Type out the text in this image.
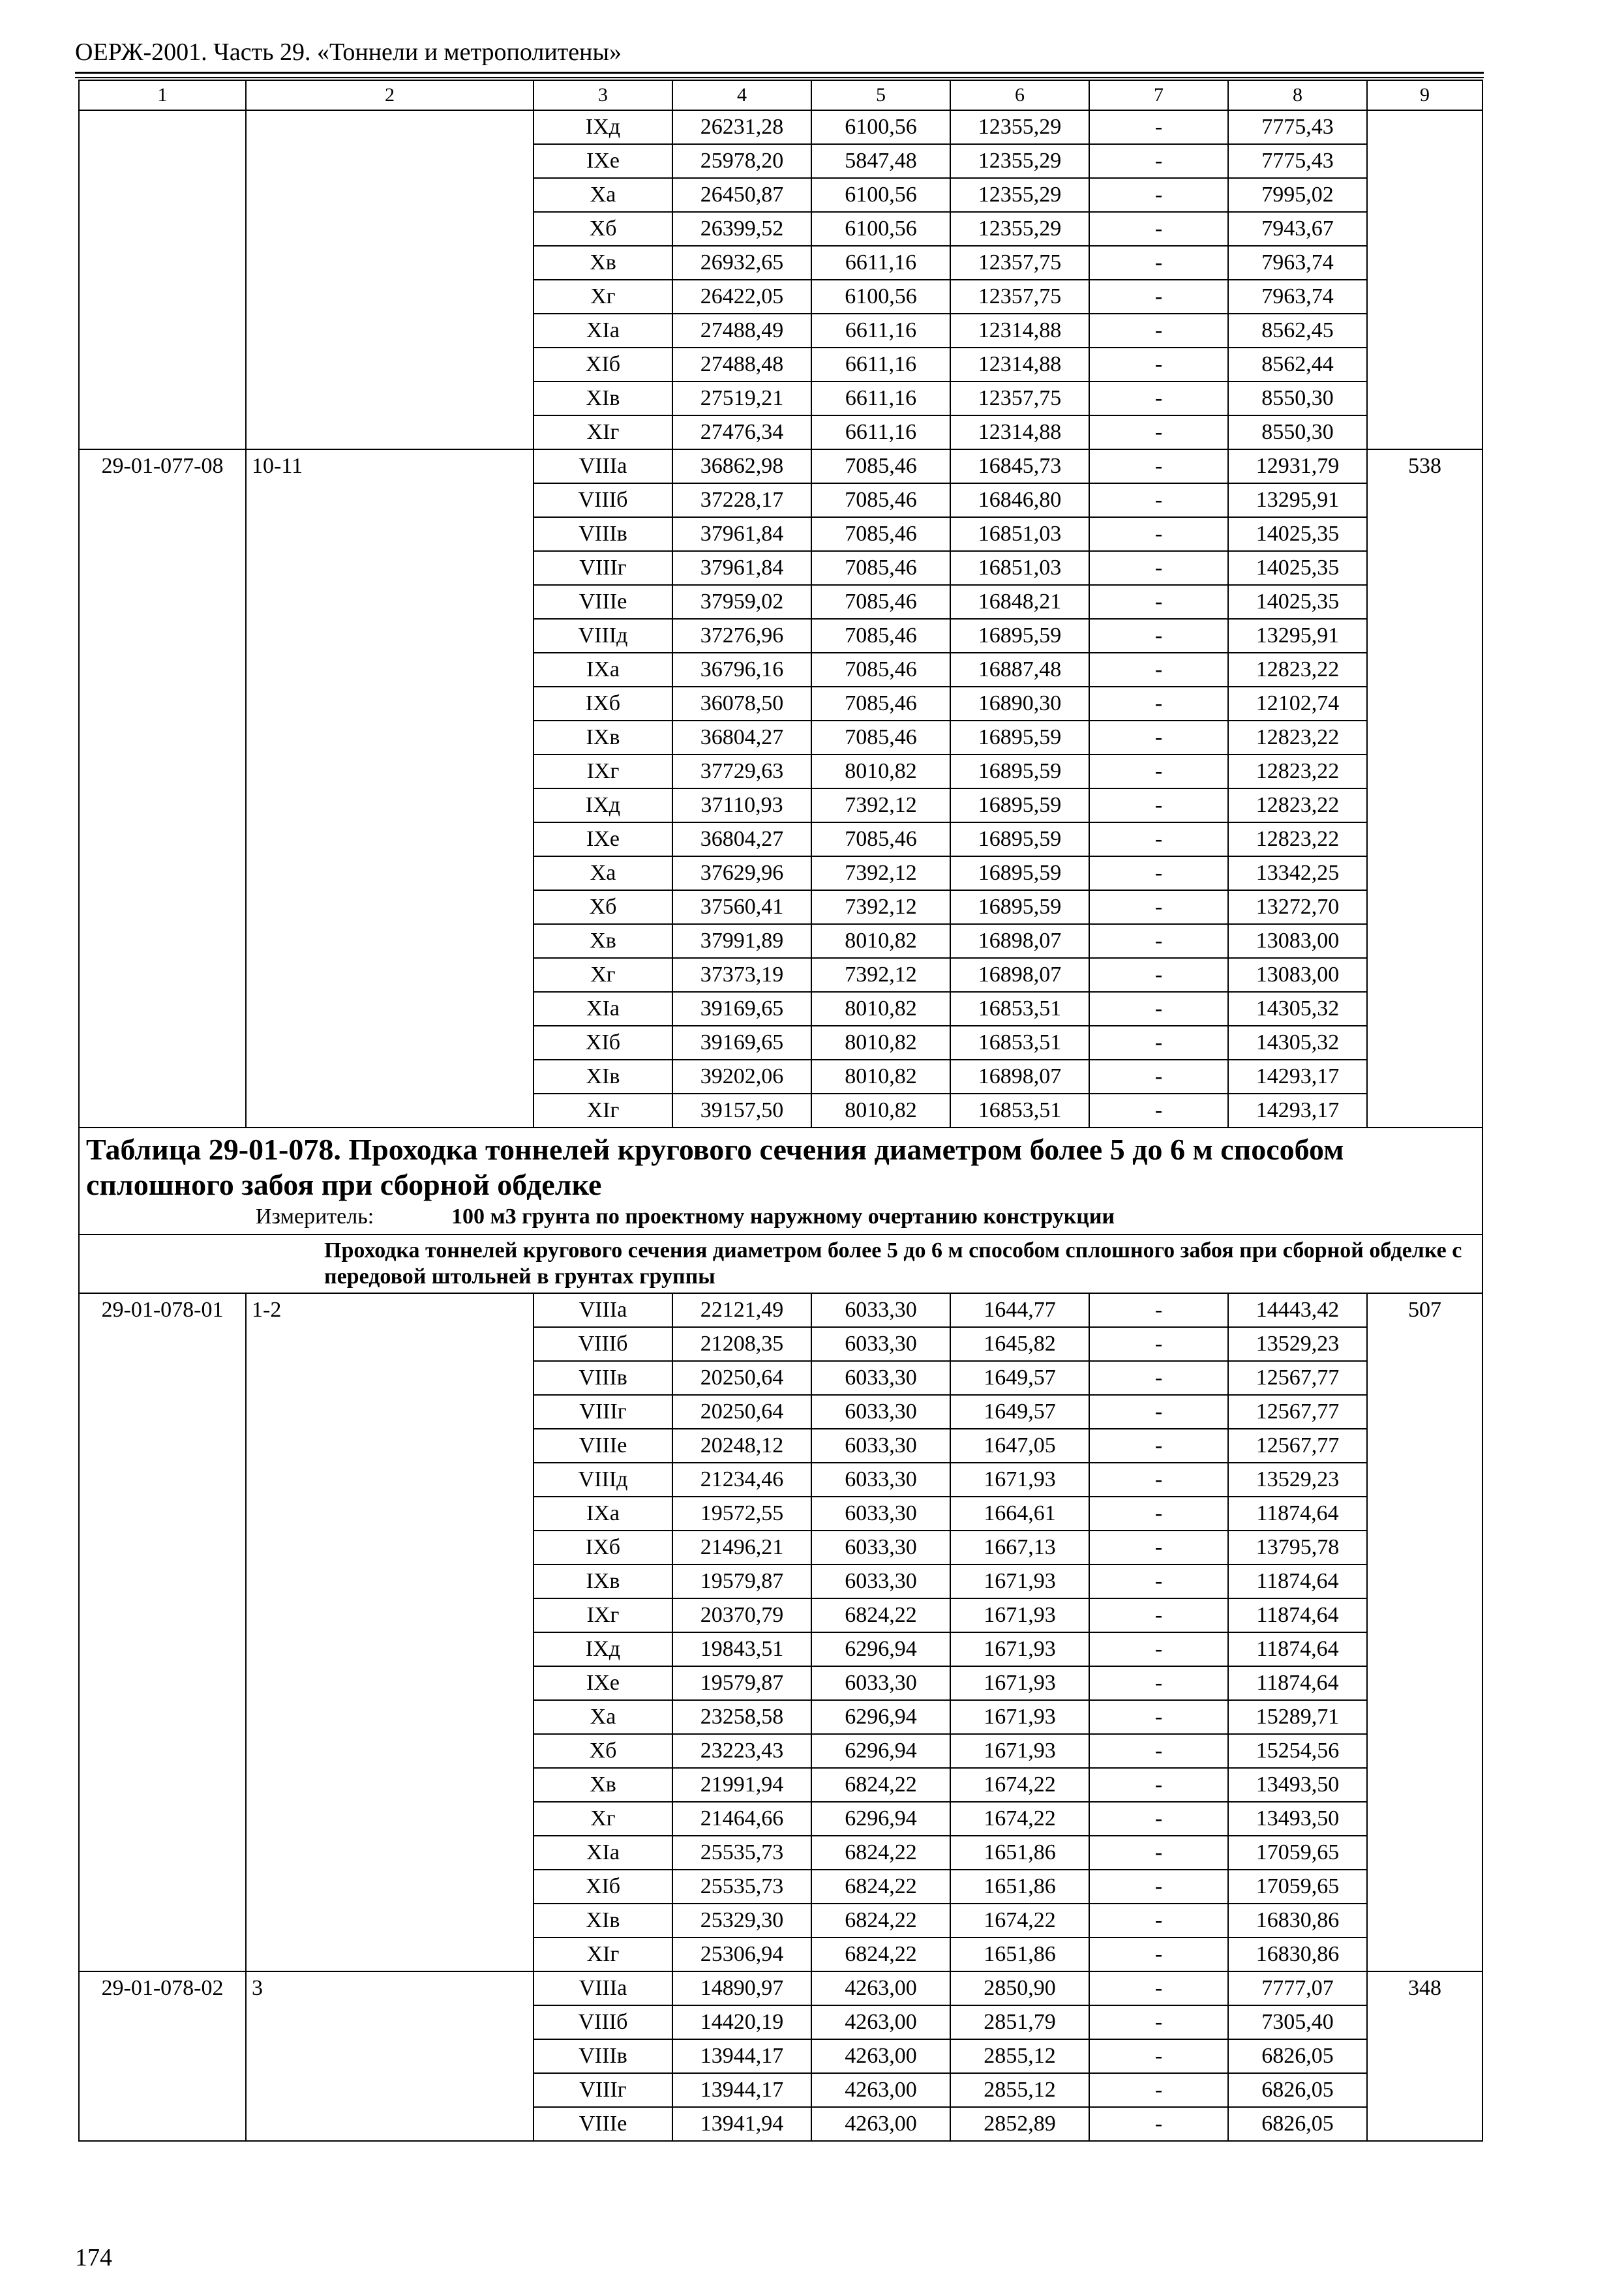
ОЕРЖ-2001. Часть 29. «Тоннели и метрополитены»
1	2	3	4	5	6	7	8	9
		IXд	26231,28	6100,56	12355,29	-	7775,43	
		IXе	25978,20	5847,48	12355,29	-	7775,43	
		Xа	26450,87	6100,56	12355,29	-	7995,02	
		Xб	26399,52	6100,56	12355,29	-	7943,67	
		Xв	26932,65	6611,16	12357,75	-	7963,74	
		Xг	26422,05	6100,56	12357,75	-	7963,74	
		XIа	27488,49	6611,16	12314,88	-	8562,45	
		XIб	27488,48	6611,16	12314,88	-	8562,44	
		XIв	27519,21	6611,16	12357,75	-	8550,30	
		XIг	27476,34	6611,16	12314,88	-	8550,30	
29-01-077-08	10-11	VIIIа	36862,98	7085,46	16845,73	-	12931,79	538
		VIIIб	37228,17	7085,46	16846,80	-	13295,91	
		VIIIв	37961,84	7085,46	16851,03	-	14025,35	
		VIIIг	37961,84	7085,46	16851,03	-	14025,35	
		VIIIе	37959,02	7085,46	16848,21	-	14025,35	
		VIIIд	37276,96	7085,46	16895,59	-	13295,91	
		IXа	36796,16	7085,46	16887,48	-	12823,22	
		IXб	36078,50	7085,46	16890,30	-	12102,74	
		IXв	36804,27	7085,46	16895,59	-	12823,22	
		IXг	37729,63	8010,82	16895,59	-	12823,22	
		IXд	37110,93	7392,12	16895,59	-	12823,22	
		IXе	36804,27	7085,46	16895,59	-	12823,22	
		Xа	37629,96	7392,12	16895,59	-	13342,25	
		Xб	37560,41	7392,12	16895,59	-	13272,70	
		Xв	37991,89	8010,82	16898,07	-	13083,00	
		Xг	37373,19	7392,12	16898,07	-	13083,00	
		XIа	39169,65	8010,82	16853,51	-	14305,32	
		XIб	39169,65	8010,82	16853,51	-	14305,32	
		XIв	39202,06	8010,82	16898,07	-	14293,17	
		XIг	39157,50	8010,82	16853,51	-	14293,17	

Таблица 29-01-078. Проходка тоннелей кругового сечения диаметром более 5 до 6 м способом сплошного забоя при сборной обделке
Измеритель: 100 м3 грунта по проектному наружному очертанию конструкции								

Проходка тоннелей кругового сечения диаметром более 5 до 6 м способом сплошного забоя при сборной обделке с передовой штольней в грунтах группы								
29-01-078-01	1-2	VIIIа	22121,49	6033,30	1644,77	-	14443,42	507
		VIIIб	21208,35	6033,30	1645,82	-	13529,23	
		VIIIв	20250,64	6033,30	1649,57	-	12567,77	
		VIIIг	20250,64	6033,30	1649,57	-	12567,77	
		VIIIе	20248,12	6033,30	1647,05	-	12567,77	
		VIIIд	21234,46	6033,30	1671,93	-	13529,23	
		IXа	19572,55	6033,30	1664,61	-	11874,64	
		IXб	21496,21	6033,30	1667,13	-	13795,78	
		IXв	19579,87	6033,30	1671,93	-	11874,64	
		IXг	20370,79	6824,22	1671,93	-	11874,64	
		IXд	19843,51	6296,94	1671,93	-	11874,64	
		IXе	19579,87	6033,30	1671,93	-	11874,64	
		Xа	23258,58	6296,94	1671,93	-	15289,71	
		Xб	23223,43	6296,94	1671,93	-	15254,56	
		Xв	21991,94	6824,22	1674,22	-	13493,50	
		Xг	21464,66	6296,94	1674,22	-	13493,50	
		XIа	25535,73	6824,22	1651,86	-	17059,65	
		XIб	25535,73	6824,22	1651,86	-	17059,65	
		XIв	25329,30	6824,22	1674,22	-	16830,86	
		XIг	25306,94	6824,22	1651,86	-	16830,86	
29-01-078-02	3	VIIIа	14890,97	4263,00	2850,90	-	7777,07	348
		VIIIб	14420,19	4263,00	2851,79	-	7305,40	
		VIIIв	13944,17	4263,00	2855,12	-	6826,05	
		VIIIг	13944,17	4263,00	2855,12	-	6826,05	
		VIIIе	13941,94	4263,00	2852,89	-	6826,05	
174
